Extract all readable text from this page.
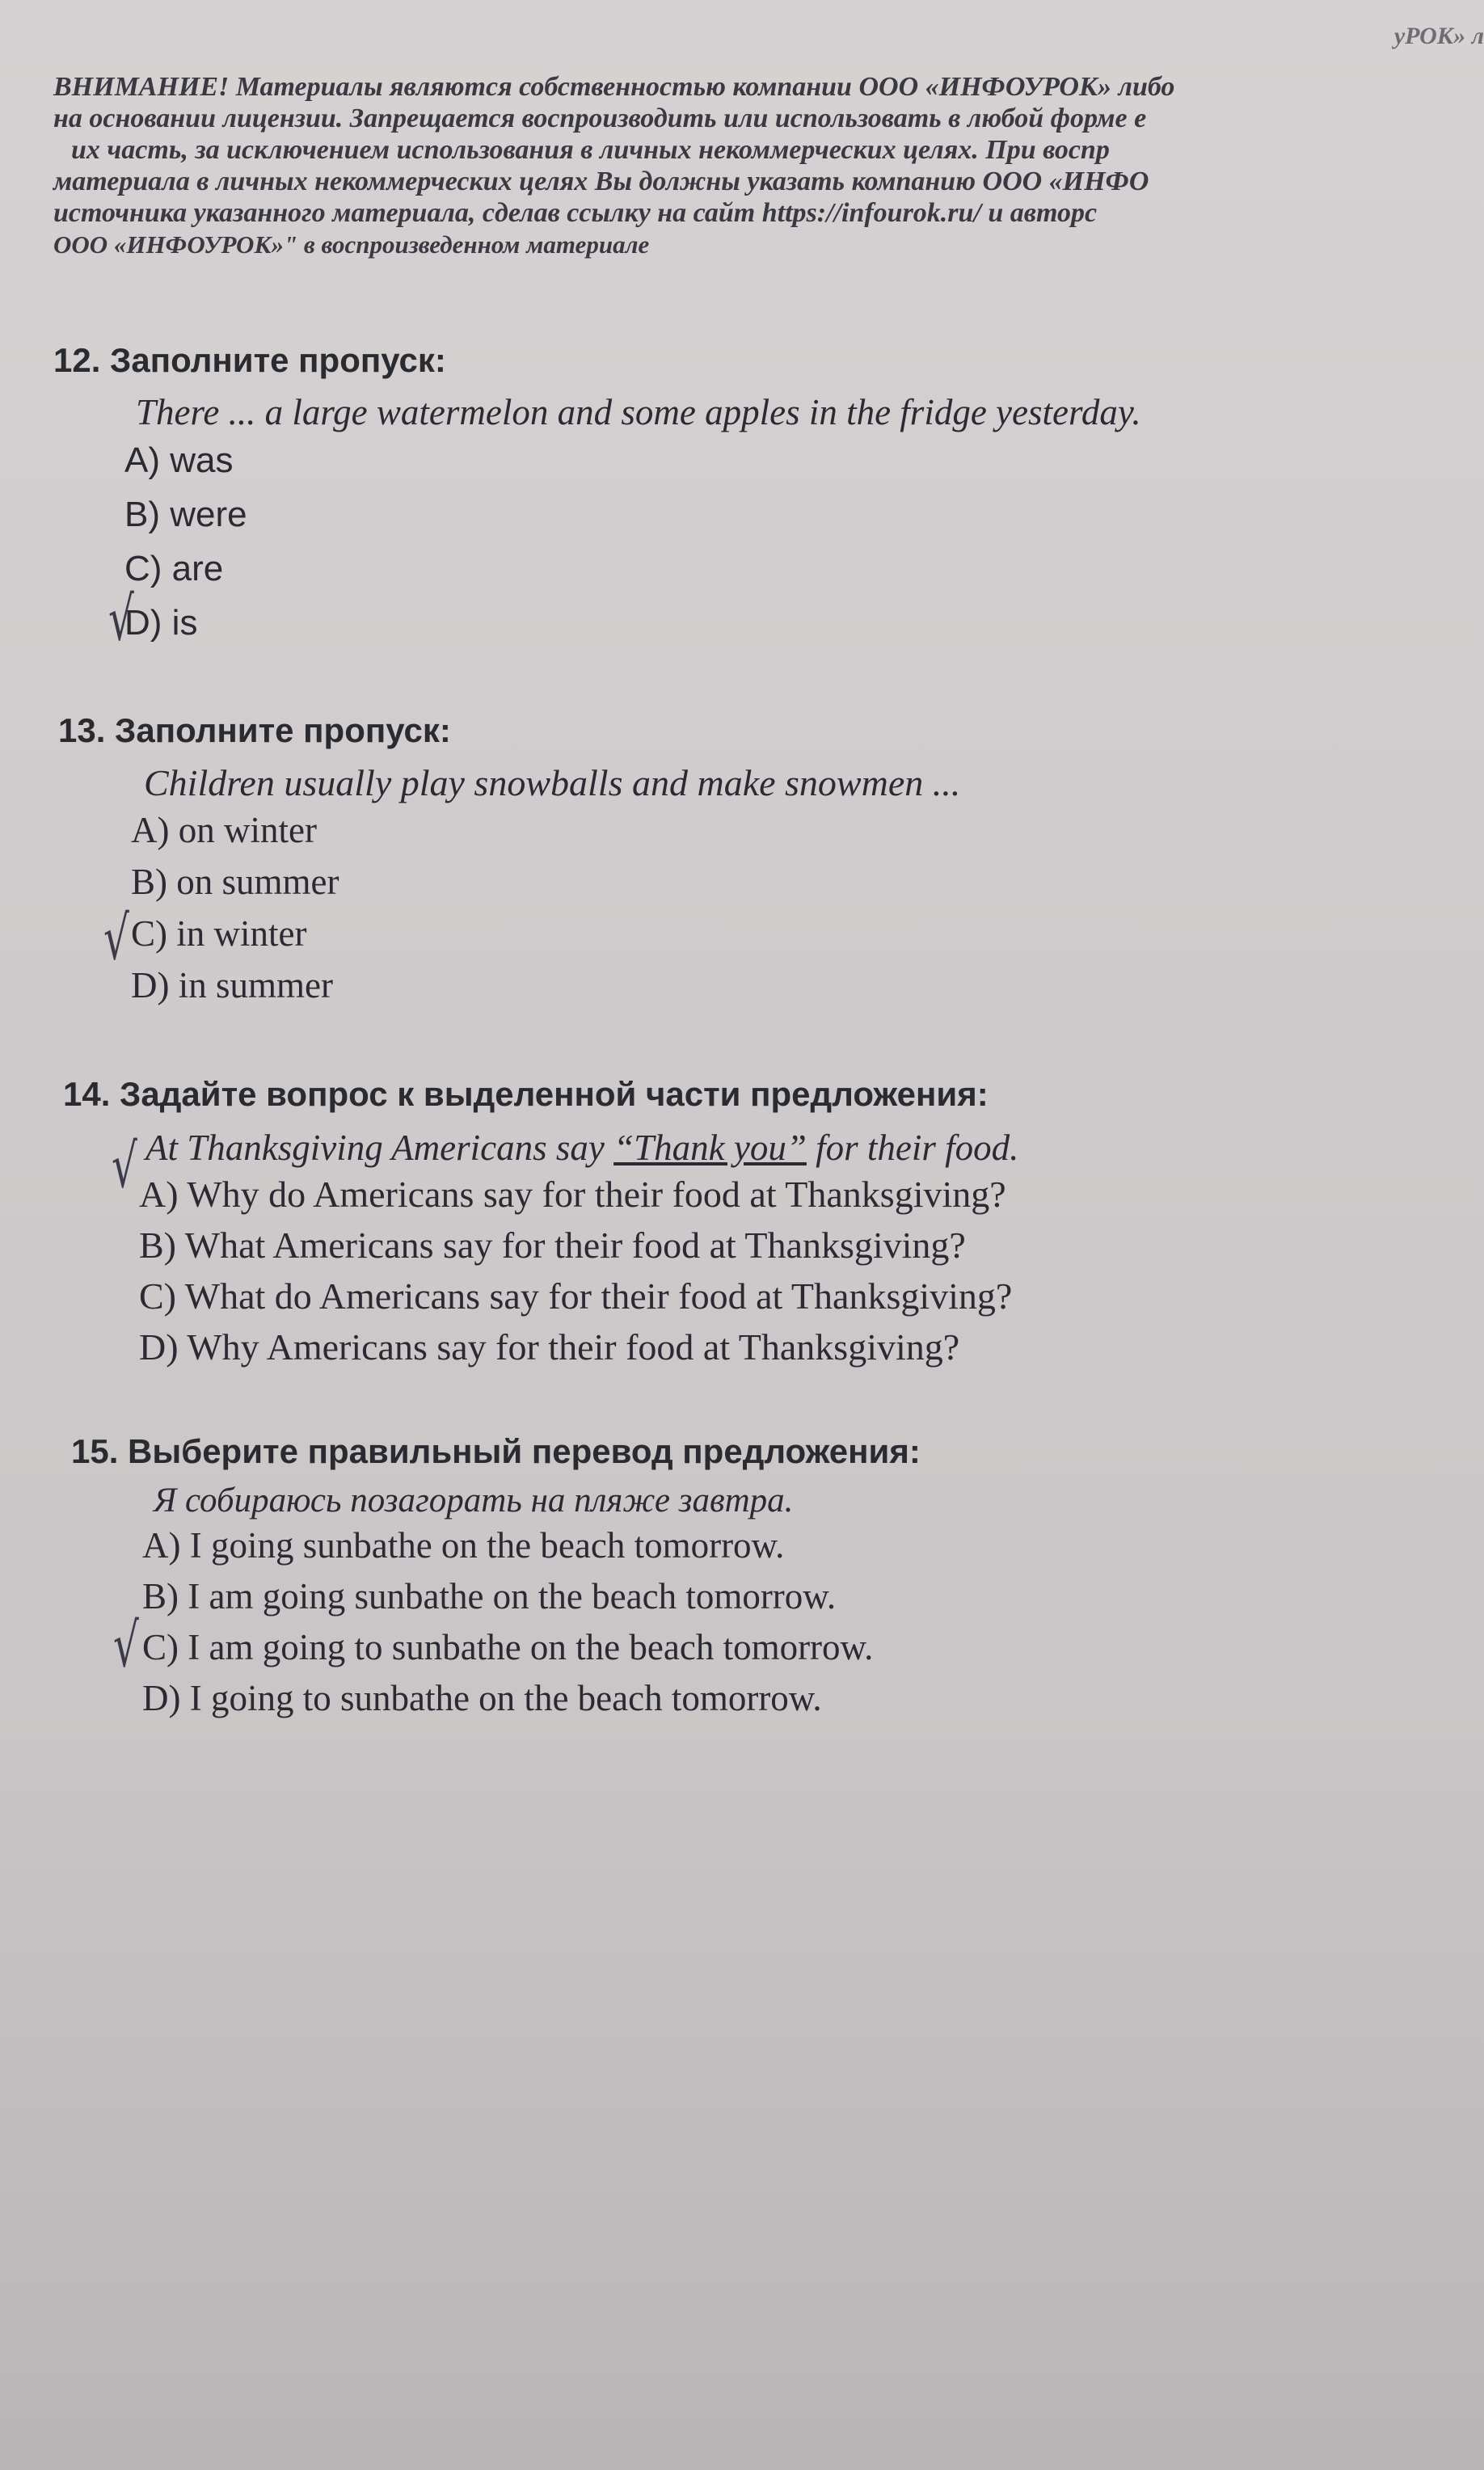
уРОК» л
ВНИМАНИЕ! Материалы являются собственностью компании ООО «ИНФОУРОК» либо
на основании лицензии. Запрещается воспроизводить или использовать в любой форме е
их часть, за исключением использования в личных некоммерческих целях. При воспр
материала в личных некоммерческих целях Вы должны указать компанию ООО «ИНФО
источника указанного материала, сделав ссылку на сайт https://infourok.ru/ и авторс
ООО «ИНФОУРОК»" в воспроизведенном материале
12. Заполните пропуск:
There ... a large watermelon and some apples in the fridge yesterday.
A) was
B) were
C) are
√
D) is
13. Заполните пропуск:
Children usually play snowballs and make snowmen ...
A) on winter
B) on summer
√ C) in winter
D) in summer
14. Задайте вопрос к выделенной части предложения:
At Thanksgiving Americans say “Thank you” for their food.
√ A) Why do Americans say for their food at Thanksgiving?
B) What Americans say for their food at Thanksgiving?
C) What do Americans say for their food at Thanksgiving?
D) Why Americans say for their food at Thanksgiving?
15. Выберите правильный перевод предложения:
Я собираюсь позагорать на пляже завтра.
A) I going sunbathe on the beach tomorrow.
B) I am going sunbathe on the beach tomorrow.
√ C) I am going to sunbathe on the beach tomorrow.
D) I going to sunbathe on the beach tomorrow.
